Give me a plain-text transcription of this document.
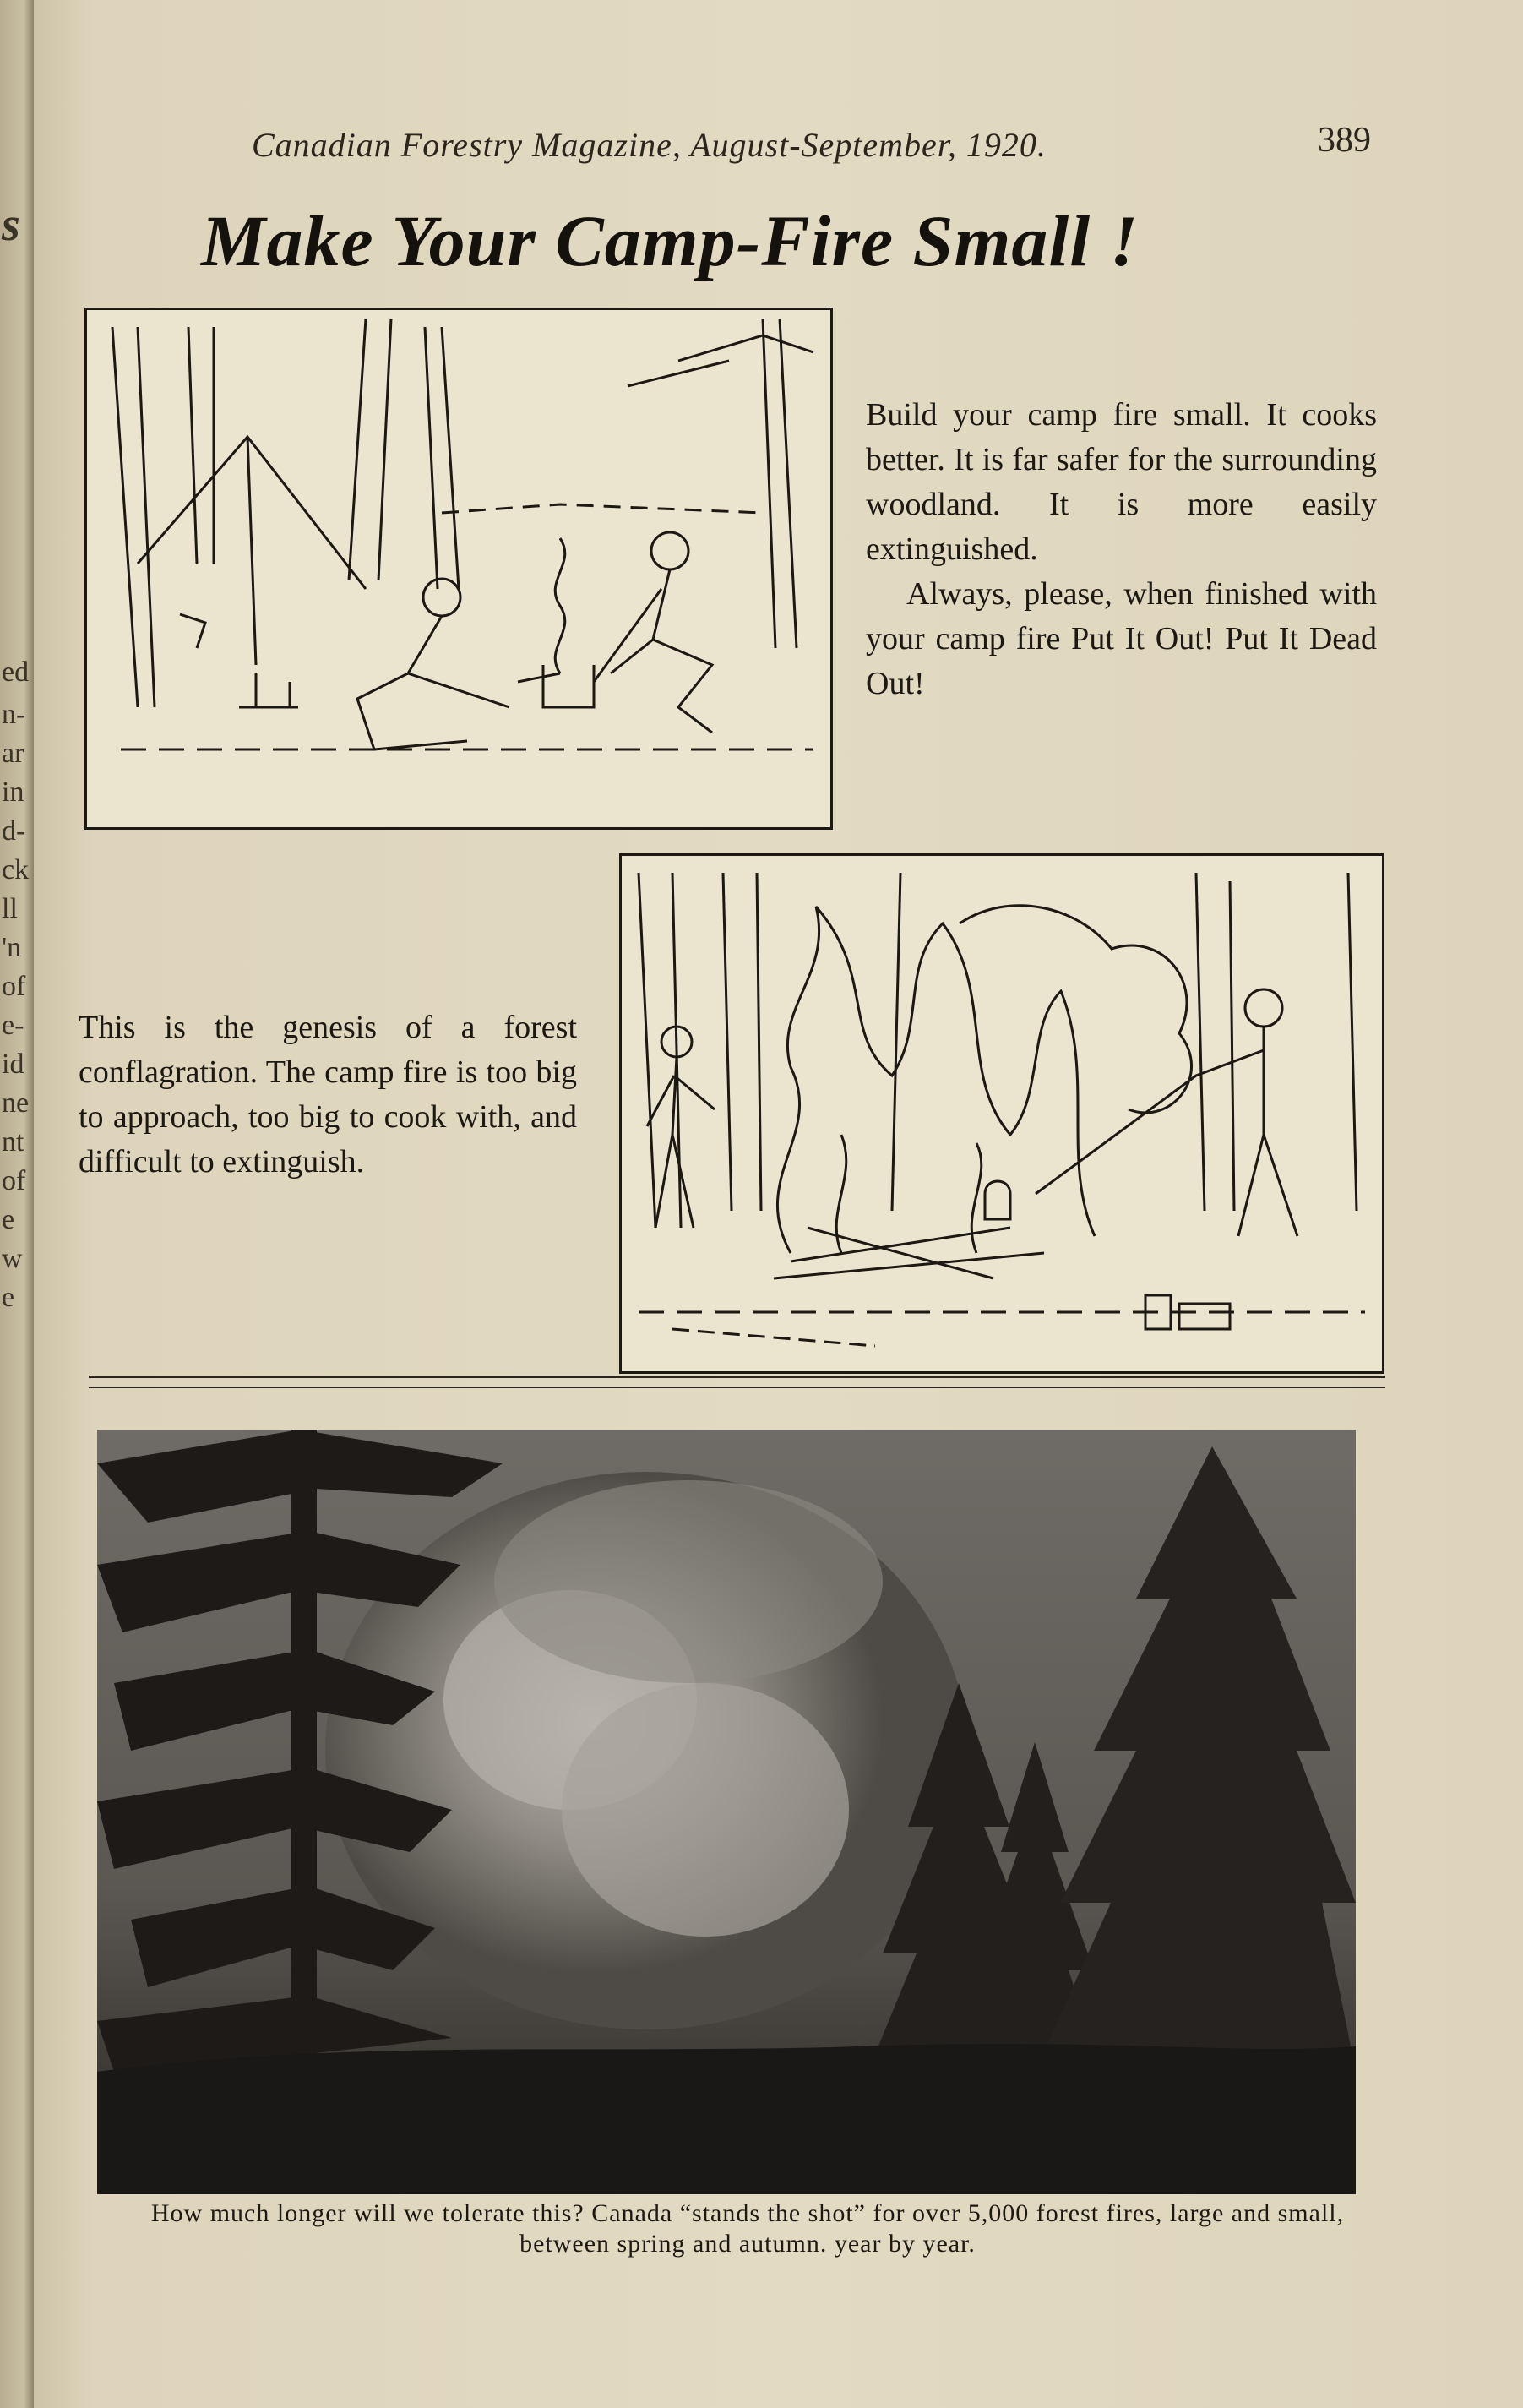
s
ed
n-
ar
in
d-
ck
ll
'n
of
e-
id
ne
nt
of
e
w
e
Canadian Forestry Magazine, August-September, 1920.	389
Make Your Camp-Fire Small !

Build your camp fire small. It cooks better. It is far safer for the surrounding woodland. It is more easily extinguished.

Always, please, when finished with your camp fire Put It Out! Put It Dead Out!

This is the genesis of a forest conflagration. The camp fire is too big to approach, too big to cook with, and difficult to extinguish.
How much longer will we tolerate this? Canada “stands the shot” for over 5,000 forest fires, large and small, between spring and autumn. year by year.
